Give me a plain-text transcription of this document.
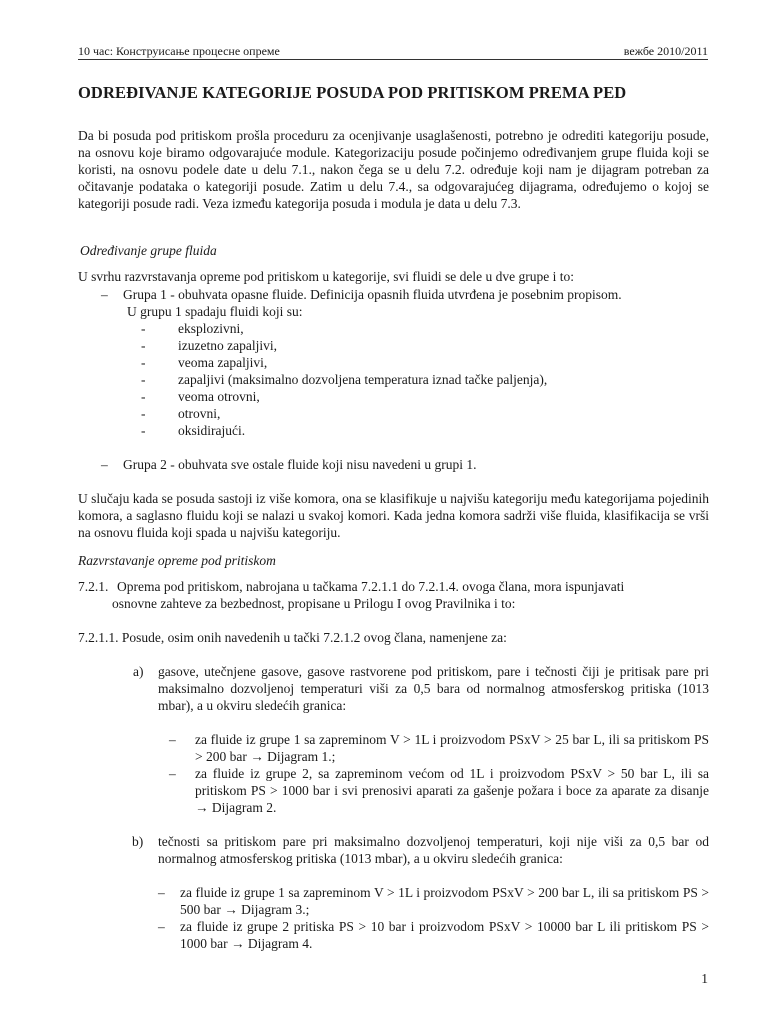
10 час: Конструисање процесне опреме	вежбе 2010/2011
ODREĐIVANJE KATEGORIJE POSUDA POD PRITISKOM PREMA PED
Da bi posuda pod pritiskom prošla proceduru za ocenjivanje usaglašenosti, potrebno je odrediti kategoriju posude, na osnovu koje biramo odgovarajuće module. Kategorizaciju posude počinjemo određivanjem grupe fluida koji se koristi, na osnovu podele date u delu 7.1., nakon čega se u delu 7.2. određuje koji nam je dijagram potreban za očitavanje podataka o kategoriji posude. Zatim u delu 7.4., sa odgovarajućeg dijagrama, određujemo o kojoj se kategoriji posude radi. Veza između kategorija posuda i modula je data u delu 7.3.
Određivanje grupe fluida
U svrhu razvrstavanja opreme pod pritiskom u kategorije, svi fluidi se dele u dve grupe i to:
– Grupa 1 - obuhvata opasne fluide. Definicija opasnih fluida utvrđena je posebnim propisom.
U grupu 1 spadaju fluidi koji su:
- eksplozivni,
- izuzetno zapaljivi,
- veoma zapaljivi,
- zapaljivi (maksimalno dozvoljena temperatura iznad tačke paljenja),
- veoma otrovni,
- otrovni,
- oksidirajući.
– Grupa 2 - obuhvata sve ostale fluide koji nisu navedeni u grupi 1.
U slučaju kada se posuda sastoji iz više komora, ona se klasifikuje u najvišu kategoriju među kategorijama pojedinih komora, a saglasno fluidu koji se nalazi u svakoj komori. Kada jedna komora sadrži više fluida, klasifikacija se vrši na osnovu fluida koji spada u najvišu kategoriju.
Razvrstavanje opreme pod pritiskom
7.2.1. Oprema pod pritiskom, nabrojana u tačkama 7.2.1.1 do 7.2.1.4. ovoga člana, mora ispunjavati
osnovne zahteve za bezbednost, propisane u Prilogu I ovog Pravilnika i to:
7.2.1.1. Posude, osim onih navedenih u tački 7.2.1.2 ovog člana, namenjene za:
a) gasove, utečnjene gasove, gasove rastvorene pod pritiskom, pare i tečnosti čiji je pritisak pare pri maksimalno dozvoljenoj temperaturi viši za 0,5 bara od normalnog atmosferskog pritiska (1013 mbar), a u okviru sledećih granica:
– za fluide iz grupe 1 sa zapreminom V > 1L i proizvodom PSxV > 25 bar L, ili sa pritiskom PS > 200 bar → Dijagram 1.;
– za fluide iz grupe 2, sa zapreminom većom od 1L i proizvodom PSxV > 50 bar L, ili sa pritiskom PS > 1000 bar i svi prenosivi aparati za gašenje požara i boce za aparate za disanje → Dijagram 2.
b) tečnosti sa pritiskom pare pri maksimalno dozvoljenoj temperaturi, koji nije viši za 0,5 bar od normalnog atmosferskog pritiska (1013 mbar), a u okviru sledećih granica:
– za fluide iz grupe 1 sa zapreminom V > 1L i proizvodom PSxV > 200 bar L, ili sa pritiskom PS > 500 bar → Dijagram 3.;
– za fluide iz grupe 2 pritiska PS > 10 bar i proizvodom PSxV > 10000 bar L ili pritiskom PS > 1000 bar → Dijagram 4.
1
